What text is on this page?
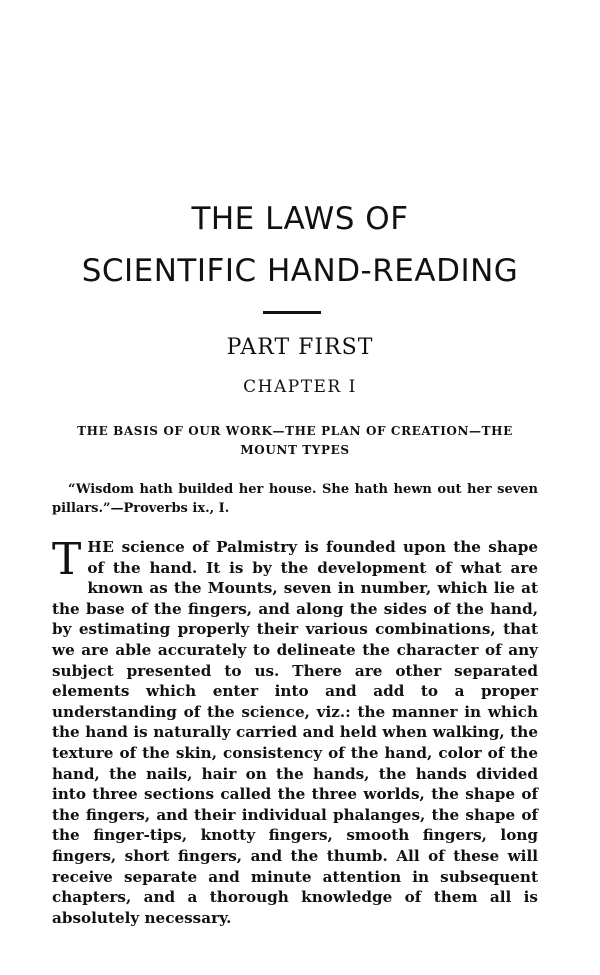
THE LAWS OF
SCIENTIFIC HAND-READING
PART FIRST
CHAPTER I
THE BASIS OF OUR WORK—THE PLAN OF CREATION—THE MOUNT TYPES
“Wisdom hath builded her house. She hath hewn out her seven pillars.”—Proverbs ix., I.
THE science of Palmistry is founded upon the shape of the hand. It is by the development of what are known as the Mounts, seven in number, which lie at the base of the fingers, and along the sides of the hand, by estimating properly their various combinations, that we are able accurately to delineate the character of any subject presented to us. There are other separated elements which enter into and add to a proper understanding of the science, viz.: the manner in which the hand is naturally carried and held when walking, the texture of the skin, consistency of the hand, color of the hand, the nails, hair on the hands, the hands divided into three sections called the three worlds, the shape of the fingers, and their individual phalanges, the shape of the finger-tips, knotty fingers, smooth fingers, long fingers, short fingers, and the thumb. All of these will receive separate and minute attention in subsequent chapters, and a thorough knowledge of them all is absolutely necessary.
